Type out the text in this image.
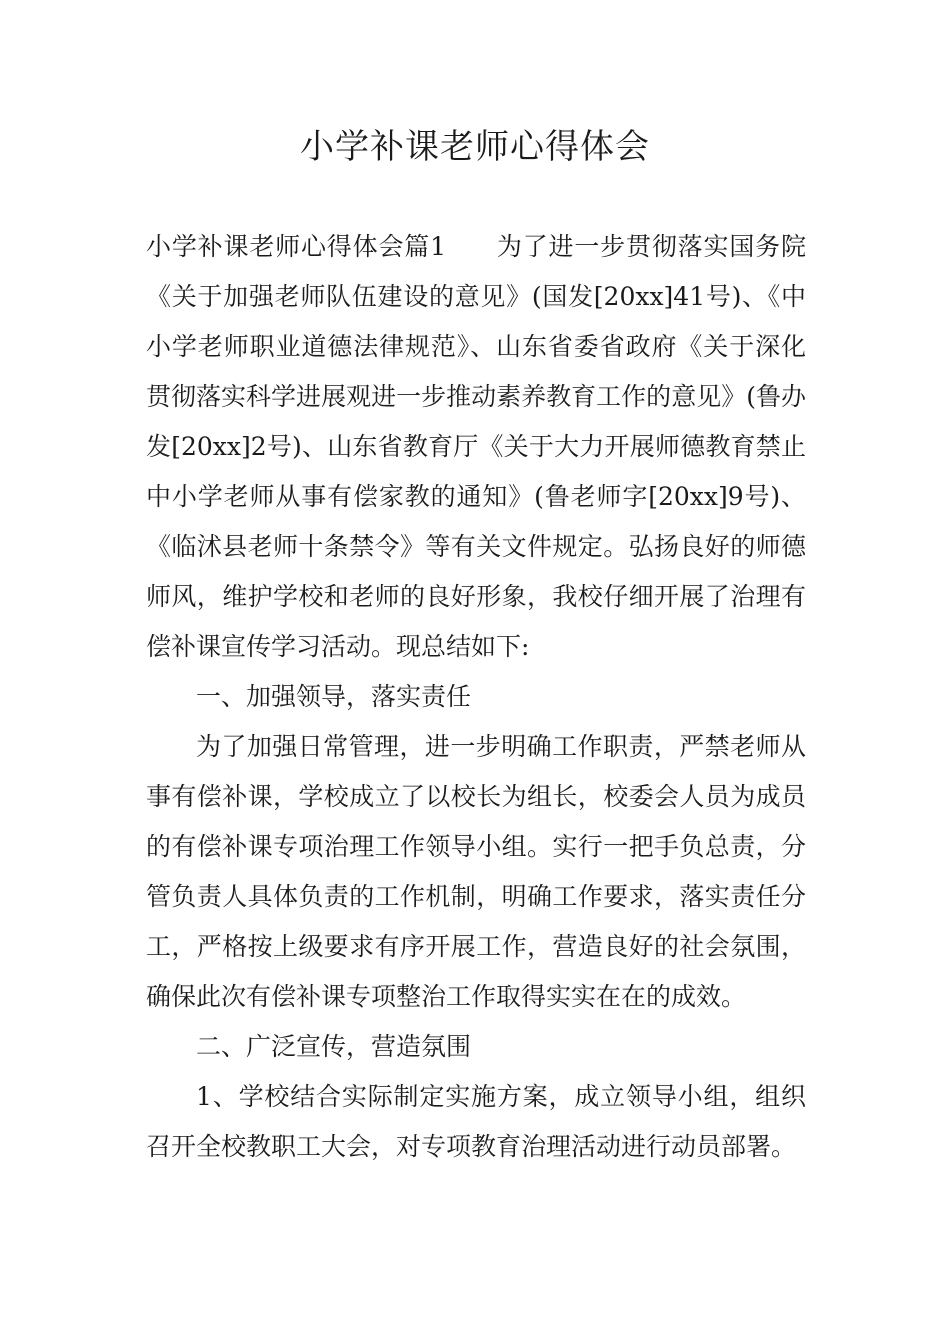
小学补课老师心得体会

小学补课老师心得体会篇1 为了进一步贯彻落实国务院《关于加强老师队伍建设的意见》(国发[20xx]41号)、《中小学老师职业道德法律规范》、山东省委省政府《关于深化贯彻落实科学进展观进一步推动素养教育工作的意见》(鲁办发[20xx]2号)、山东省教育厅《关于大力开展师德教育禁止中小学老师从事有偿家教的通知》(鲁老师字[20xx]9号)、《临沭县老师十条禁令》等有关文件规定。弘扬良好的师德师风，维护学校和老师的良好形象，我校仔细开展了治理有偿补课宣传学习活动。现总结如下:

一、加强领导，落实责任

为了加强日常管理，进一步明确工作职责，严禁老师从事有偿补课，学校成立了以校长为组长，校委会人员为成员的有偿补课专项治理工作领导小组。实行一把手负总责，分管负责人具体负责的工作机制，明确工作要求，落实责任分工，严格按上级要求有序开展工作，营造良好的社会氛围，确保此次有偿补课专项整治工作取得实实在在的成效。

二、广泛宣传，营造氛围

1、学校结合实际制定实施方案，成立领导小组，组织召开全校教职工大会，对专项教育治理活动进行动员部署。
